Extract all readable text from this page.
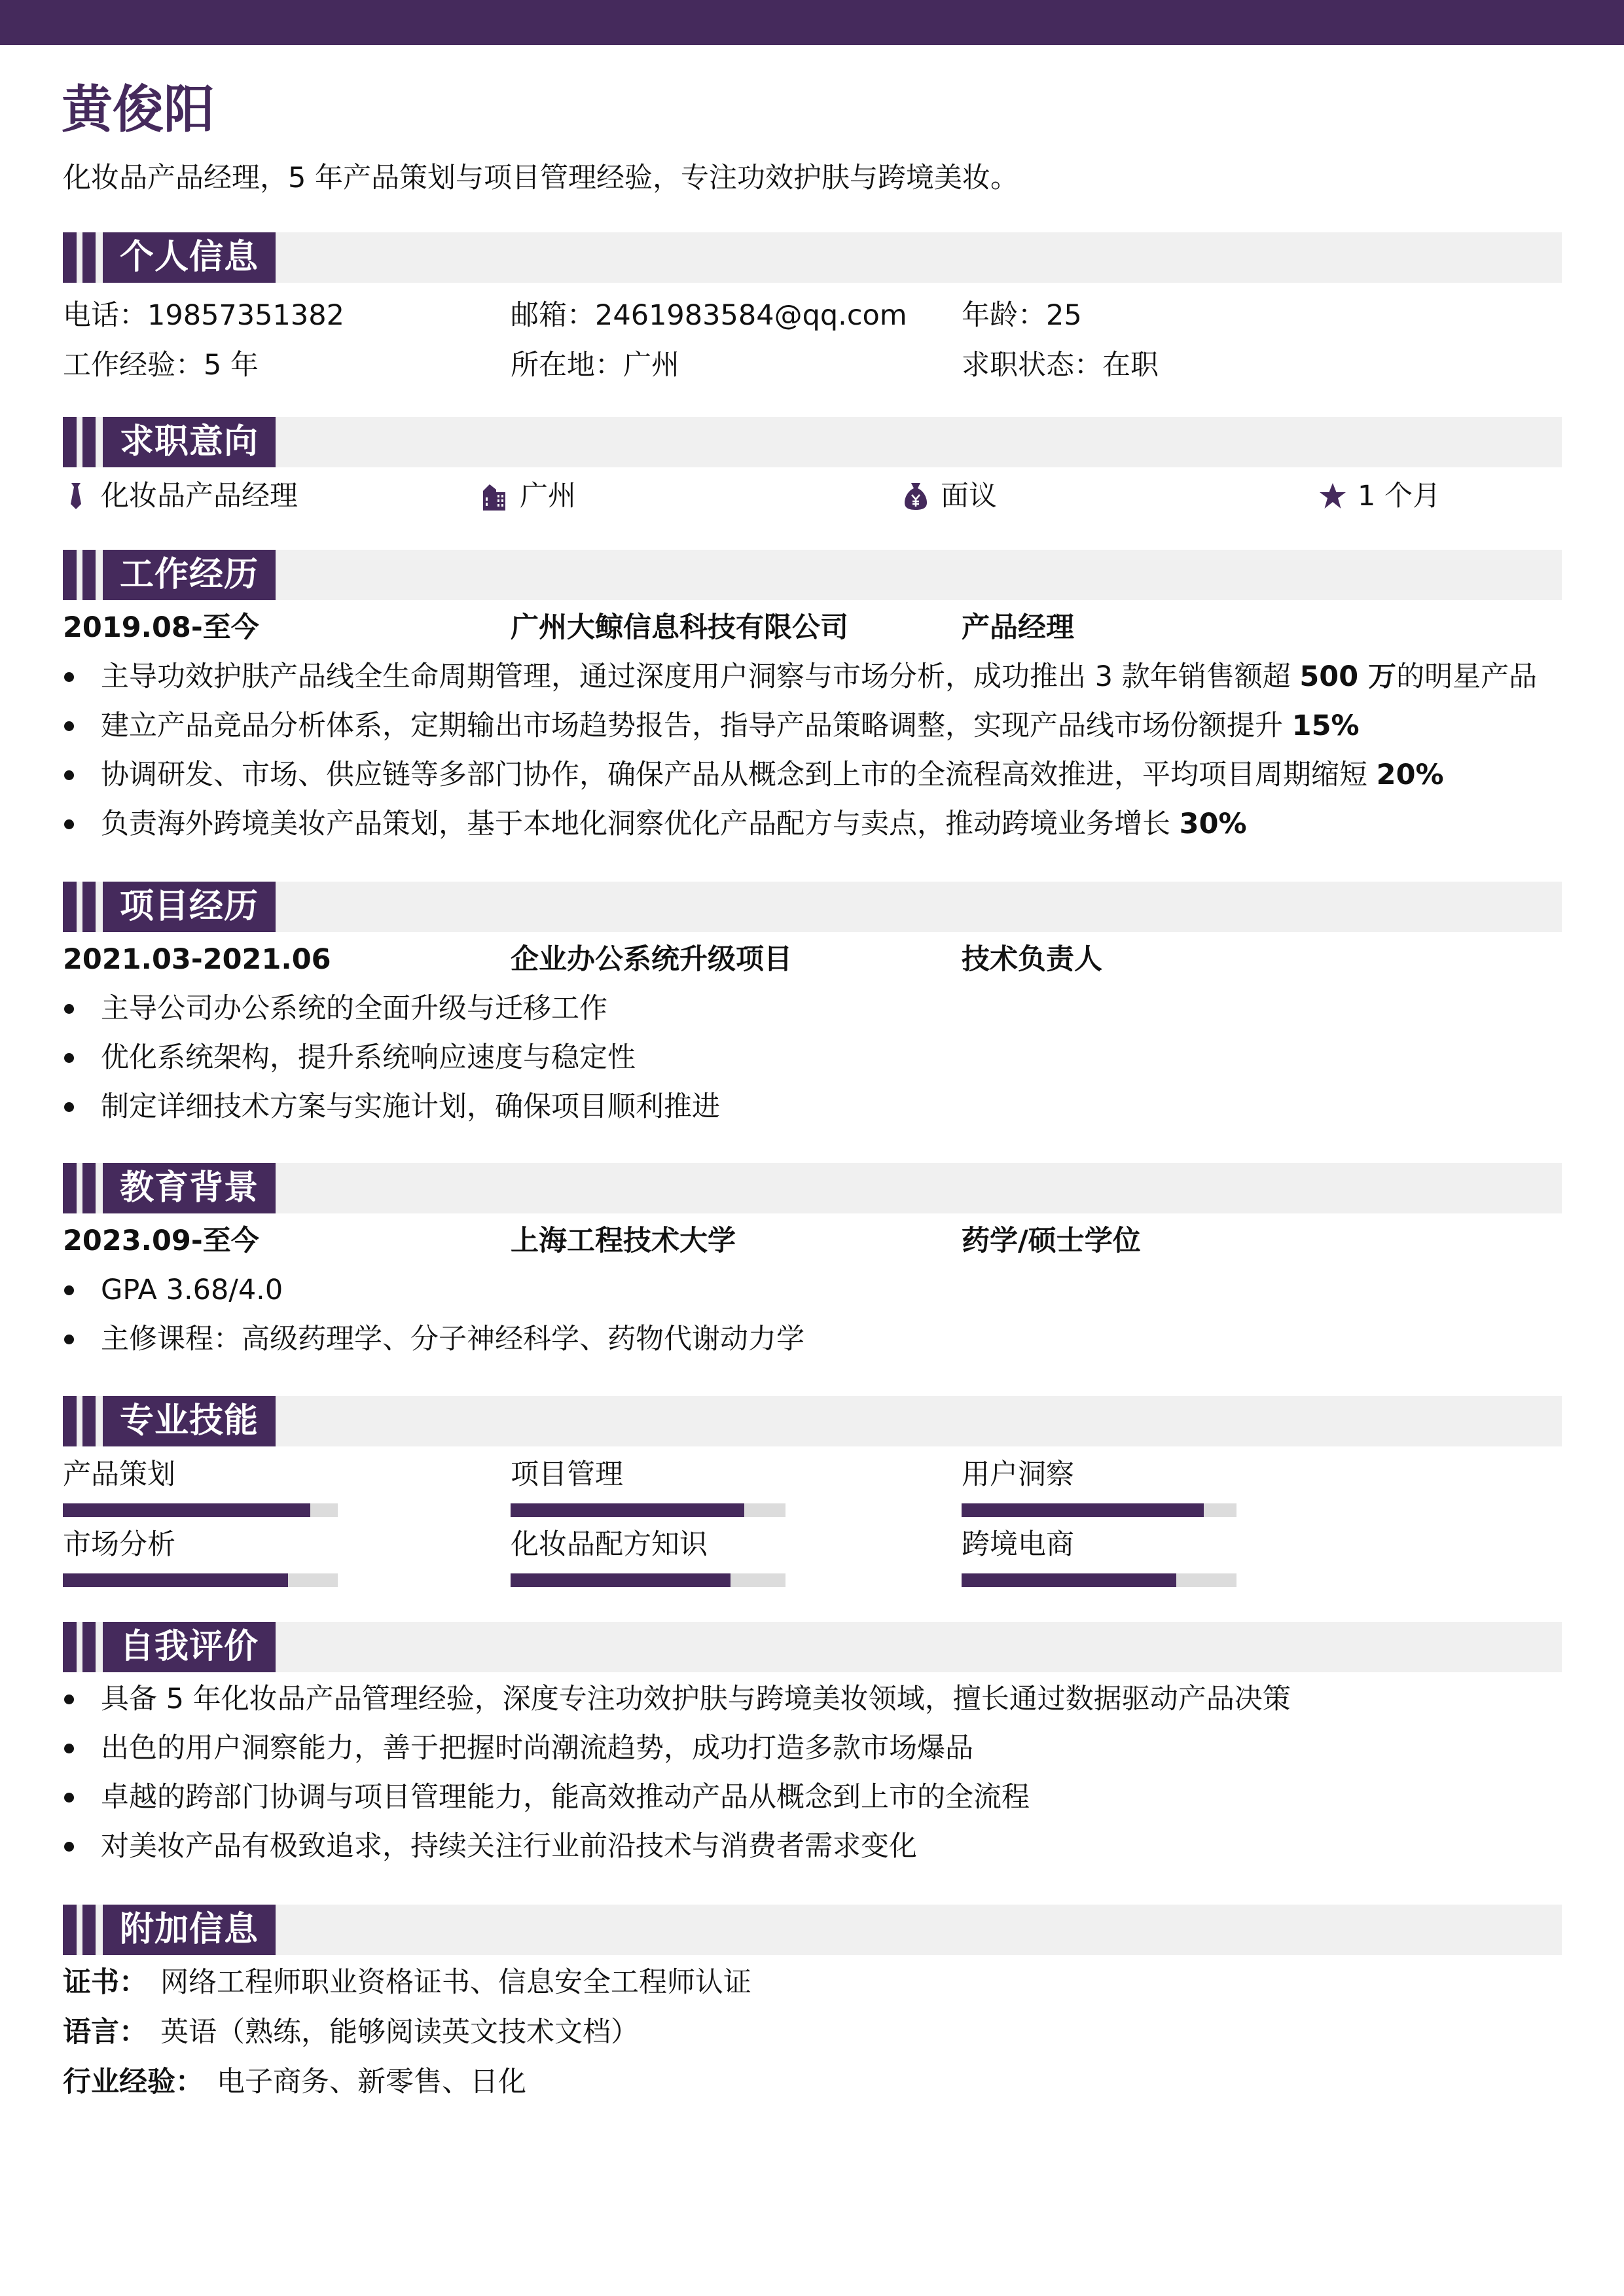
黄俊阳
化妆品产品经理，5 年产品策划与项目管理经验，专注功效护肤与跨境美妆。
个人信息
电话：19857351382	邮箱：2461983584@qq.com 年龄：25
工作经验：5 年	所在地：广州	求职状态：在职
求职意向
化妆品产品经理	广州	面议	1 个月
工作经历
2019.08-至今	广州大鲸信息科技有限公司	产品经理
主导功效护肤产品线全生命周期管理，通过深度用户洞察与市场分析，成功推出 3 款年销售额超 500 万的明星产品
建立产品竞品分析体系，定期输出市场趋势报告，指导产品策略调整，实现产品线市场份额提升 15%
协调研发、市场、供应链等多部门协作，确保产品从概念到上市的全流程高效推进，平均项目周期缩短 20%
负责海外跨境美妆产品策划，基于本地化洞察优化产品配方与卖点，推动跨境业务增长 30%
项目经历
2021.03-2021.06	企业办公系统升级项目	技术负责人
主导公司办公系统的全面升级与迁移工作
优化系统架构，提升系统响应速度与稳定性
制定详细技术方案与实施计划，确保项目顺利推进
教育背景
2023.09-至今	上海工程技术大学	药学/硕士学位
GPA 3.68/4.0
主修课程：高级药理学、分子神经科学、药物代谢动力学
专业技能
产品策划	项目管理	用户洞察
市场分析	化妆品配方知识	跨境电商
自我评价
具备 5 年化妆品产品管理经验，深度专注功效护肤与跨境美妆领域，擅长通过数据驱动产品决策
出色的用户洞察能力，善于把握时尚潮流趋势，成功打造多款市场爆品
卓越的跨部门协调与项目管理能力，能高效推动产品从概念到上市的全流程
对美妆产品有极致追求，持续关注行业前沿技术与消费者需求变化
附加信息
证书： 网络工程师职业资格证书、信息安全工程师认证
语言： 英语（熟练，能够阅读英文技术文档）
行业经验： 电子商务、新零售、日化
